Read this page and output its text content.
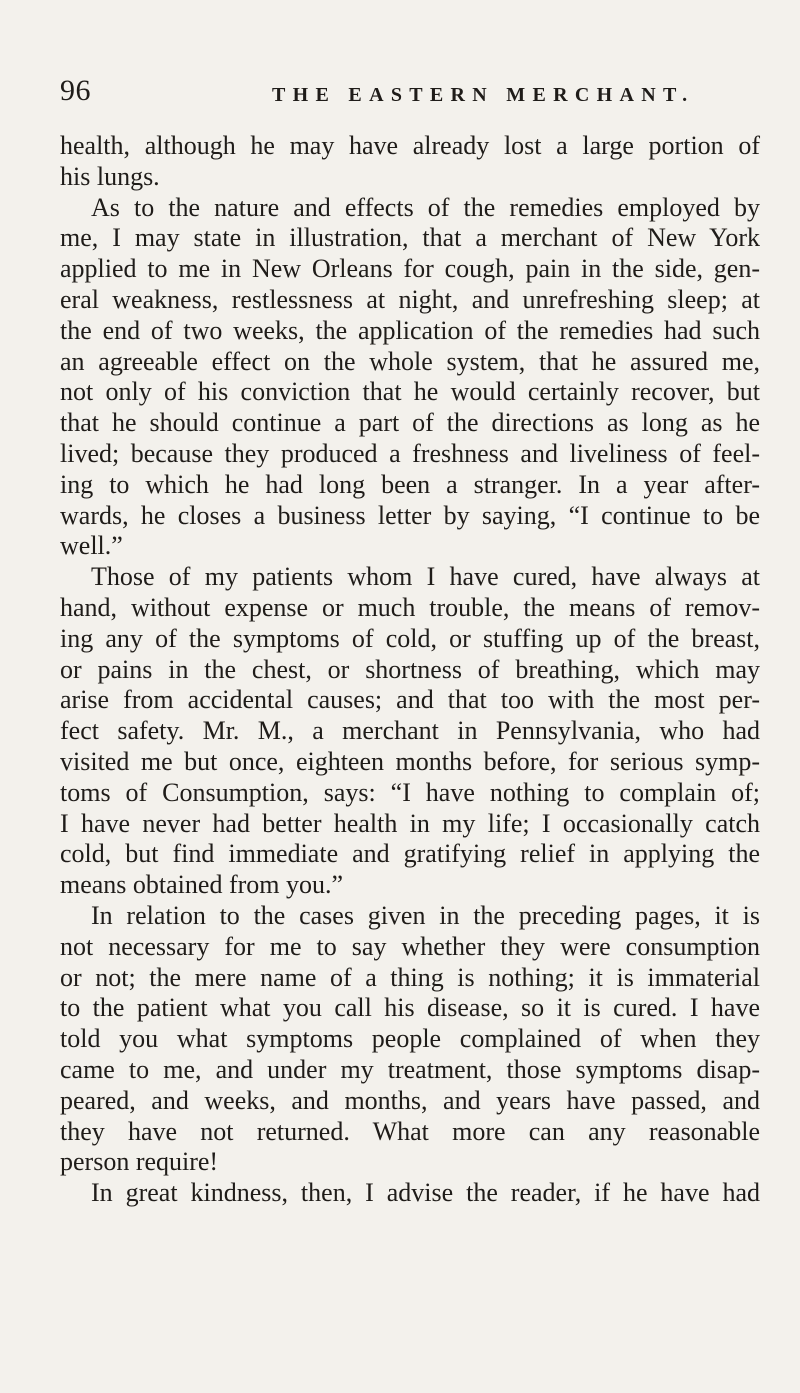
96	THE EASTERN MERCHANT.
health, although he may have already lost a large portion of
his lungs.
As to the nature and effects of the remedies employed by
me, I may state in illustration, that a merchant of New York
applied to me in New Orleans for cough, pain in the side, gen-
eral weakness, restlessness at night, and unrefreshing sleep; at
the end of two weeks, the application of the remedies had such
an agreeable effect on the whole system, that he assured me,
not only of his conviction that he would certainly recover, but
that he should continue a part of the directions as long as he
lived; because they produced a freshness and liveliness of feel-
ing to which he had long been a stranger. In a year after-
wards, he closes a business letter by saying, “I continue to be
well.”
Those of my patients whom I have cured, have always at
hand, without expense or much trouble, the means of remov-
ing any of the symptoms of cold, or stuffing up of the breast,
or pains in the chest, or shortness of breathing, which may
arise from accidental causes; and that too with the most per-
fect safety. Mr. M., a merchant in Pennsylvania, who had
visited me but once, eighteen months before, for serious symp-
toms of Consumption, says: “I have nothing to complain of;
I have never had better health in my life; I occasionally catch
cold, but find immediate and gratifying relief in applying the
means obtained from you.”
In relation to the cases given in the preceding pages, it is
not necessary for me to say whether they were consumption
or not; the mere name of a thing is nothing; it is immaterial
to the patient what you call his disease, so it is cured. I have
told you what symptoms people complained of when they
came to me, and under my treatment, those symptoms disap-
peared, and weeks, and months, and years have passed, and
they have not returned. What more can any reasonable
person require!
In great kindness, then, I advise the reader, if he have had
